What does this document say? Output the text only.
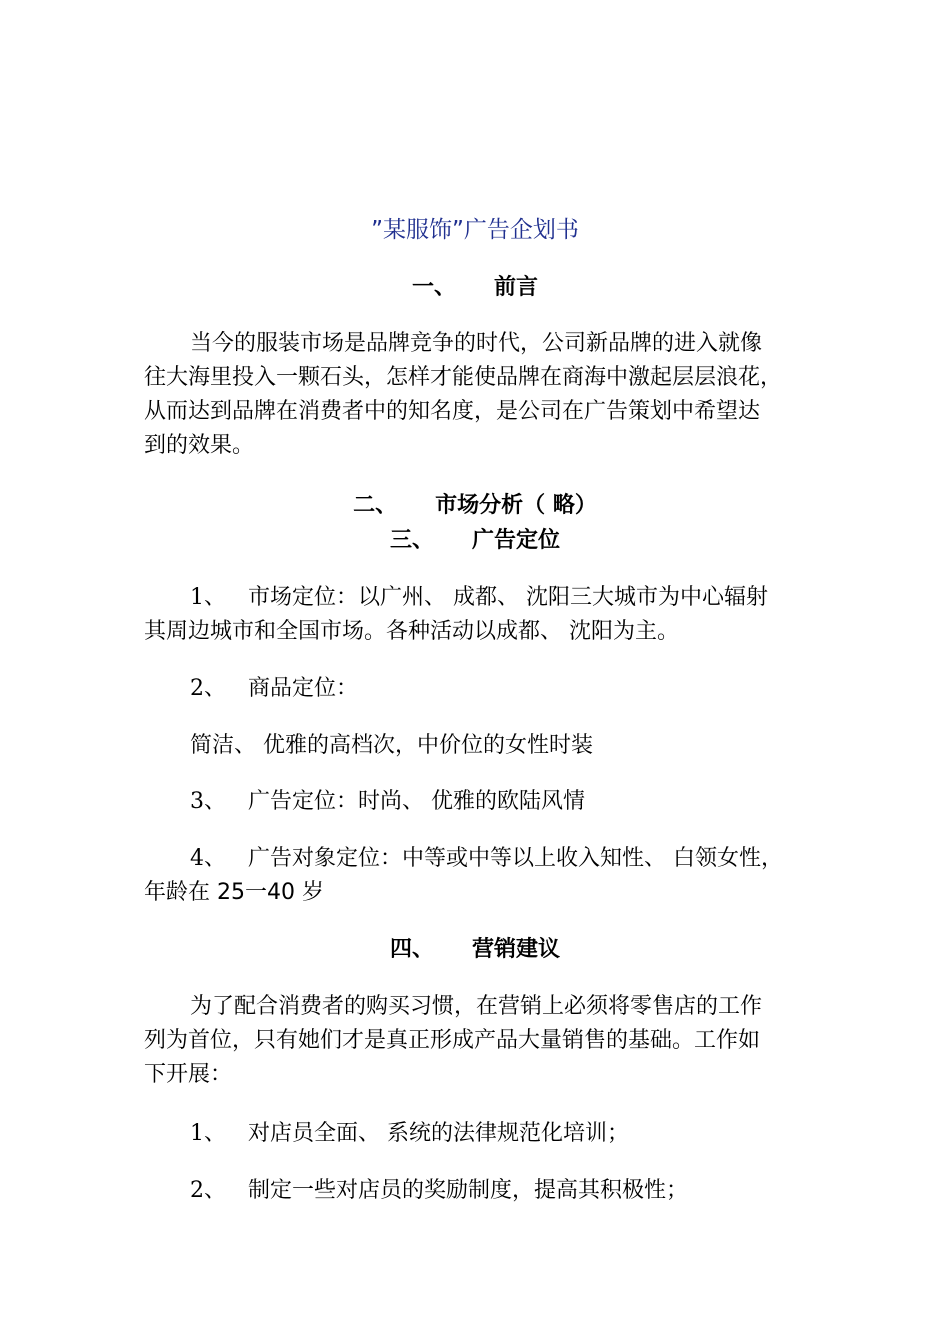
”某服饰”广告企划书
一、 前言
当今的服装市场是品牌竞争的时代，公司新品牌的进入就像
往大海里投入一颗石头，怎样才能使品牌在商海中激起层层浪花，
从而达到品牌在消费者中的知名度，是公司在广告策划中希望达
到的效果。
二、 市场分析（ 略）
三、 广告定位
1、 市场定位：以广州、 成都、 沈阳三大城市为中心辐射
其周边城市和全国市场。各种活动以成都、 沈阳为主。
2、 商品定位：
简洁、 优雅的高档次，中价位的女性时装
3、 广告定位：时尚、 优雅的欧陆风情
4、 广告对象定位：中等或中等以上收入知性、 白领女性，
年龄在 25一40 岁
四、 营销建议
为了配合消费者的购买习惯，在营销上必须将零售店的工作
列为首位，只有她们才是真正形成产品大量销售的基础。工作如
下开展：
1、 对店员全面、 系统的法律规范化培训；
2、 制定一些对店员的奖励制度，提高其积极性；
